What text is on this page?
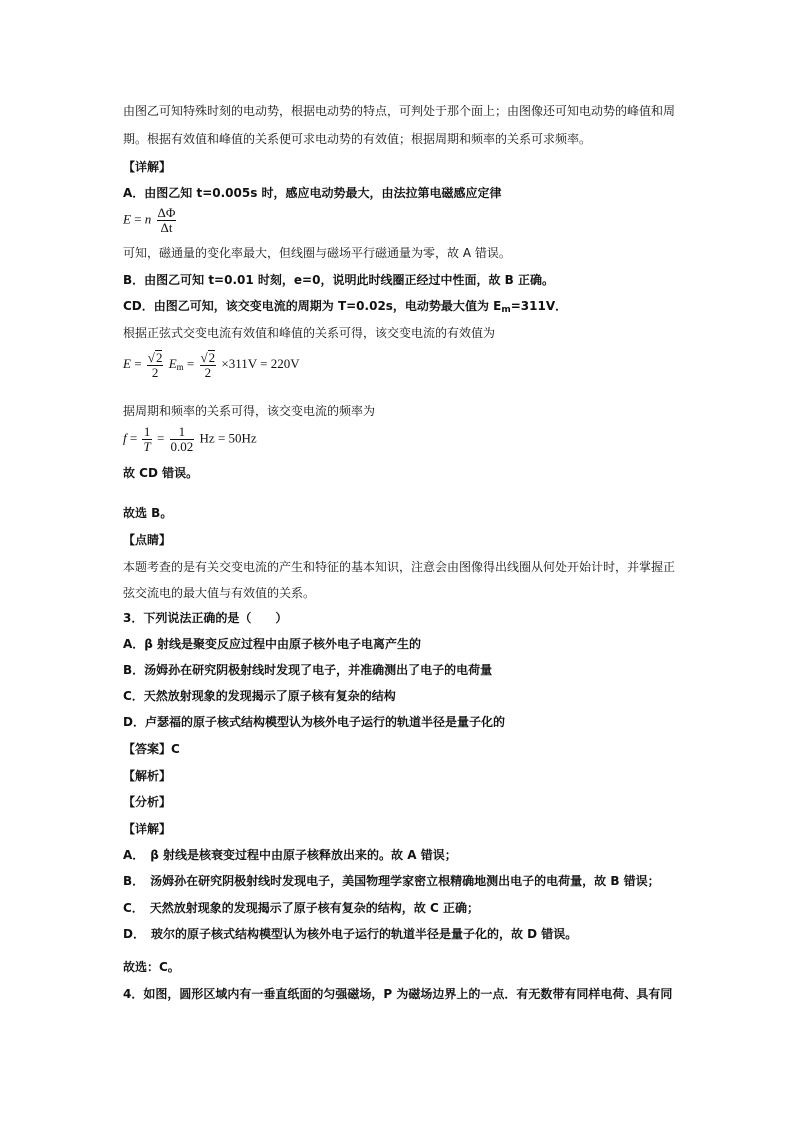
由图乙可知特殊时刻的电动势，根据电动势的特点，可判处于那个面上；由图像还可知电动势的峰值和周
期。根据有效值和峰值的关系便可求电动势的有效值；根据周期和频率的关系可求频率。
【详解】
A．由图乙知 t=0.005s 时，感应电动势最大，由法拉第电磁感应定律
E = n $\frac{\Delta\Phi}{\Delta t}$
可知，磁通量的变化率最大，但线圈与磁场平行磁通量为零，故 A 错误。
B．由图乙可知 t=0.01 时刻，e=0，说明此时线圈正经过中性面，故 B 正确。
CD．由图乙可知，该交变电流的周期为 T=0.02s，电动势最大值为 $E_m=311V$．
根据正弦式交变电流有效值和峰值的关系可得，该交变电流的有效值为
$E = \frac{√2}{2} E_m = \frac{√2}{2} \times 311V = 220V$
据周期和频率的关系可得，该交变电流的频率为
$f = \frac{1}{T} = \frac{1}{0.02}$ Hz = 50Hz
故 CD 错误。
故选 B。
【点睛】
本题考查的是有关交变电流的产生和特征的基本知识，注意会由图像得出线圈从何处开始计时，并掌握正
弦交流电的最大值与有效值的关系。
3．下列说法正确的是（　　）
A．β 射线是聚变反应过程中由原子核外电子电离产生的
B．汤姆孙在研究阴极射线时发现了电子，并准确测出了电子的电荷量
C．天然放射现象的发现揭示了原子核有复杂的结构
D．卢瑟福的原子核式结构模型认为核外电子运行的轨道半径是量子化的
【答案】C
【解析】
【分析】
【详解】
A．　β 射线是核衰变过程中由原子核释放出来的。故 A 错误；
B．　汤姆孙在研究阴极射线时发现电子，美国物理学家密立根精确地测出电子的电荷量，故 B 错误；
C．　天然放射现象的发现揭示了原子核有复杂的结构，故 C 正确；
D．　玻尔的原子核式结构模型认为核外电子运行的轨道半径是量子化的，故 D 错误。
故选：C。
4．如图，圆形区域内有一垂直纸面的匀强磁场，P 为磁场边界上的一点．有无数带有同样电荷、具有同
